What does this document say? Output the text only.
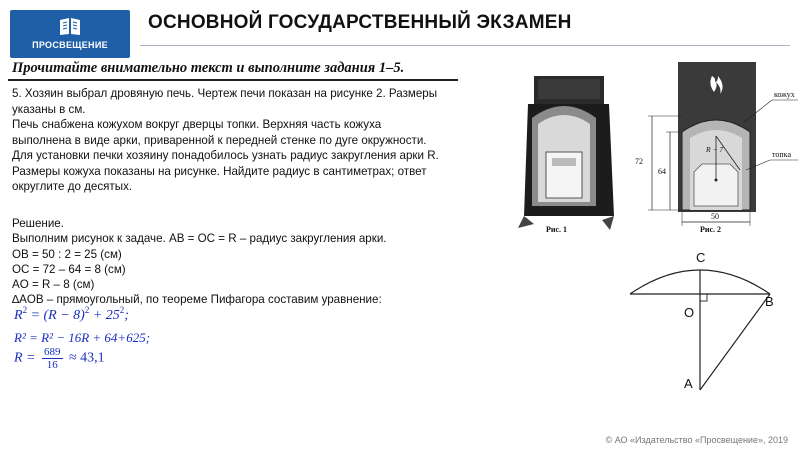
ПРОСВЕЩЕНИЕ
ОСНОВНОЙ ГОСУДАРСТВЕННЫЙ ЭКЗАМЕН
Прочитайте внимательно текст и выполните задания 1–5.
5. Хозяин выбрал дровяную печь. Чертеж печи показан на рисунке 2. Размеры
указаны в см.
Печь снабжена кожухом вокруг дверцы топки. Верхняя часть кожуха
выполнена в виде арки, приваренной к передней стенке по дуге окружности.
Для установки печки хозяину понадобилось узнать радиус закругления арки R.
Размеры кожуха показаны на рисунке. Найдите радиус в сантиметрах; ответ
округлите до десятых.
Решение.
Выполним рисунок к задаче. AB = OC = R – радиус закругления арки.
OB = 50 : 2 = 25 (см)
OC = 72 – 64 = 8 (см)
AO = R – 8 (см)
∆AOB – прямоугольный, по теореме Пифагора составим уравнение:
$R^2 = (R - 8)^2 + 25^2$;
R² = R² − 16R + 64+625;
$R = \frac{689}{16} \approx 43,1$
Рис. 1
кожух
топка
72
64
50
R − 7
Рис. 2
C
O
B
A
© АО «Издательство «Просвещение», 2019
